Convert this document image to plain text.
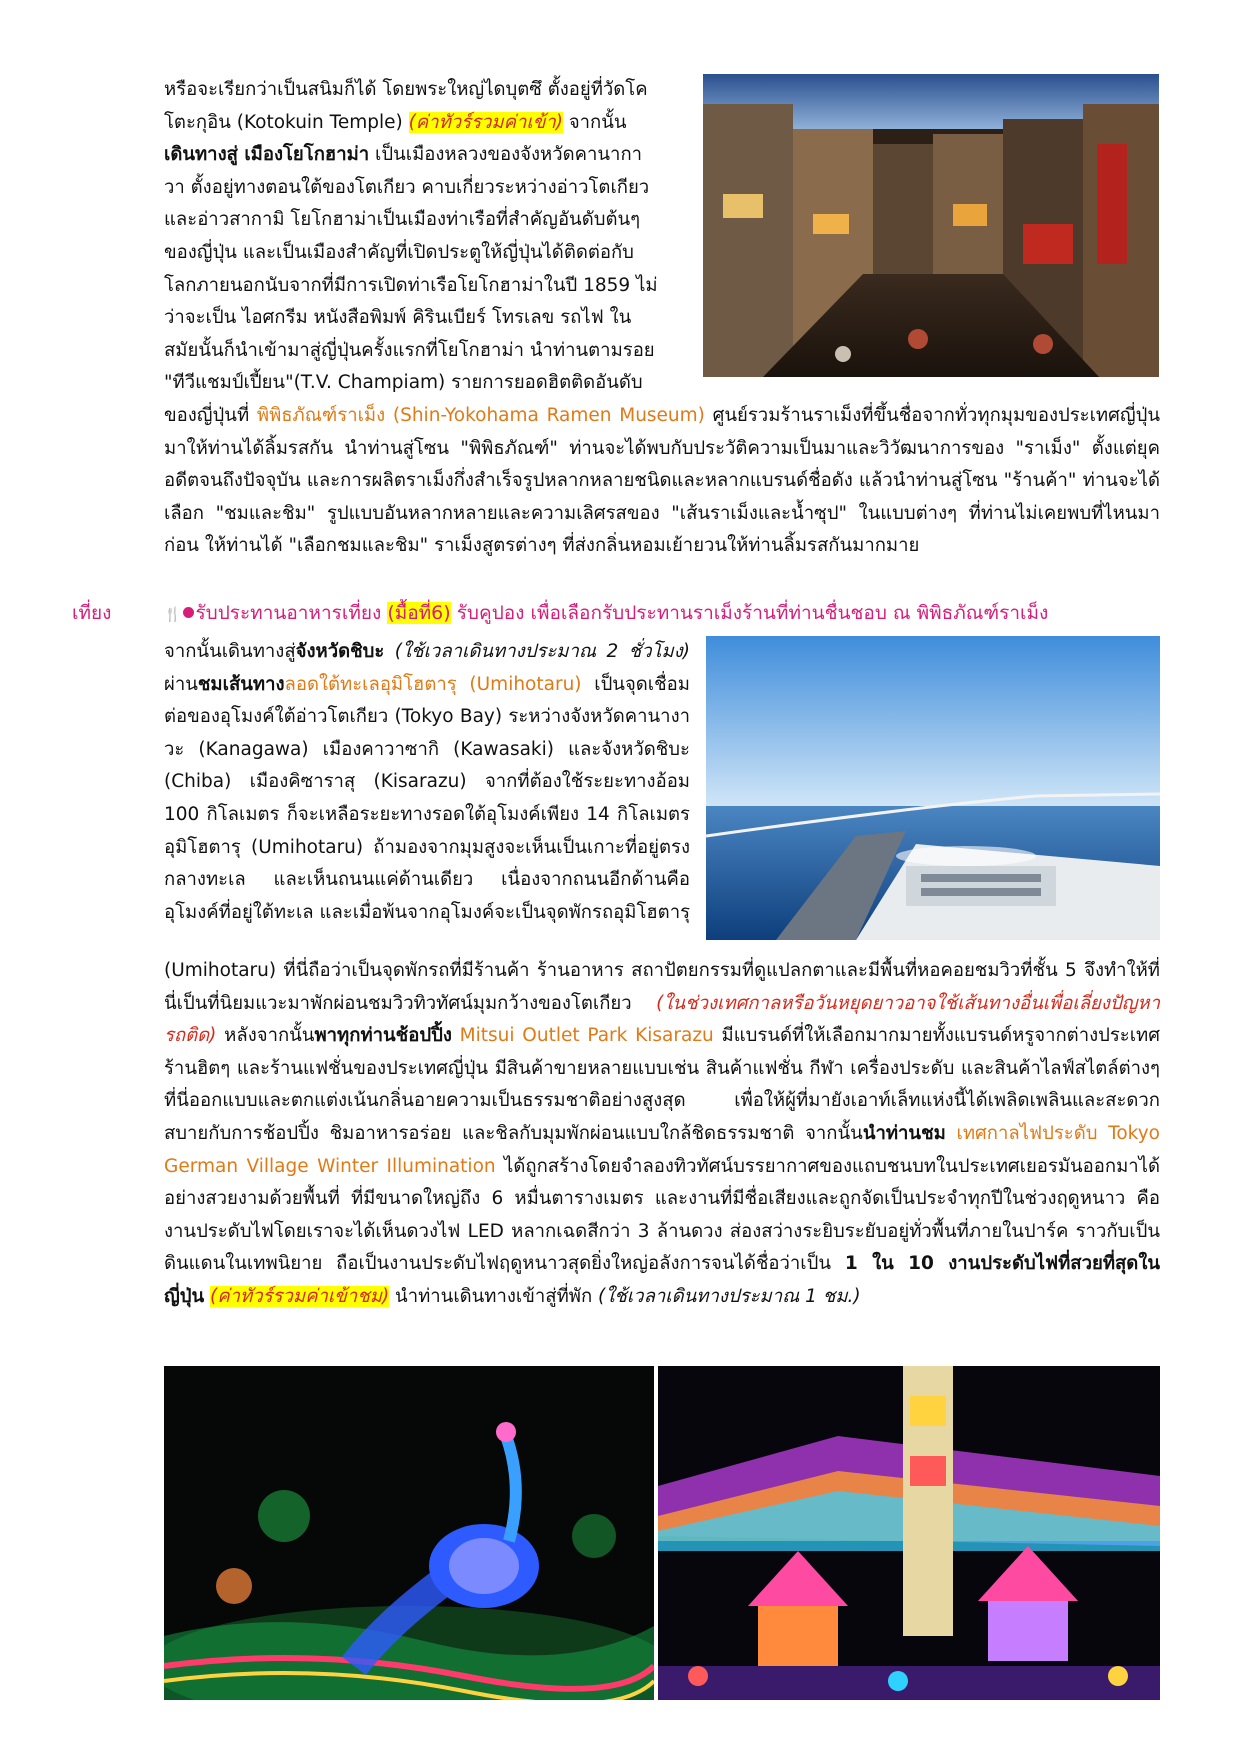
หรือจะเรียกว่าเป็นสนิมก็ได้ โดยพระใหญ่ไดบุตซึ ตั้งอยู่ที่วัดโค

โตะกุอิน (Kotokuin Temple) (ค่าทัวร์รวมค่าเข้า) จากนั้น

เดินทางสู่ เมืองโยโกฮาม่า เป็นเมืองหลวงของจังหวัดคานากา

วา ตั้งอยู่ทางตอนใต้ของโตเกียว คาบเกี่ยวระหว่างอ่าวโตเกียว

และอ่าวสากามิ โยโกฮาม่าเป็นเมืองท่าเรือที่สำคัญอันดับต้นๆ

ของญี่ปุ่น และเป็นเมืองสำคัญที่เปิดประตูให้ญี่ปุ่นได้ติดต่อกับ

โลกภายนอกนับจากที่มีการเปิดท่าเรือโยโกฮาม่าในปี 1859 ไม่

ว่าจะเป็น ไอศกรีม หนังสือพิมพ์ คิรินเบียร์ โทรเลข รถไฟ ใน

สมัยนั้นก็นำเข้ามาสู่ญี่ปุ่นครั้งแรกที่โยโกฮาม่า นำท่านตามรอย

"ทีวีแชมป์เปี้ยน"(T.V. Champiam) รายการยอดฮิตติดอันดับ

ของญี่ปุ่นที่ พิพิธภัณฑ์ราเม็ง (Shin-Yokohama Ramen Museum) ศูนย์รวมร้านราเม็งที่ขึ้นชื่อจากทั่วทุกมุมของประเทศญี่ปุ่น มาให้ท่านได้ลิ้มรสกัน นำท่านสู่โซน "พิพิธภัณฑ์" ท่านจะได้พบกับประวัติความเป็นมาและวิวัฒนาการของ "ราเม็ง" ตั้งแต่ยุคอดีตจนถึงปัจจุบัน และการผลิตราเม็งกึ่งสำเร็จรูปหลากหลายชนิดและหลากแบรนด์ชื่อดัง แล้วนำท่านสู่โซน "ร้านค้า" ท่านจะได้เลือก "ชมและชิม" รูปแบบอันหลากหลายและความเลิศรสของ "เส้นราเม็งและน้ำซุป" ในแบบต่างๆ ที่ท่านไม่เคยพบที่ไหนมาก่อน ให้ท่านได้ "เลือกชมและชิม" ราเม็งสูตรต่างๆ ที่ส่งกลิ่นหอมเย้ายวนให้ท่านลิ้มรสกันมากมาย

เที่ยง	🍴 รับประทานอาหารเที่ยง (มื้อที่6) รับคูปอง เพื่อเลือกรับประทานราเม็งร้านที่ท่านชื่นชอบ ณ พิพิธภัณฑ์ราเม็ง

จากนั้นเดินทางสู่จังหวัดชิบะ (ใช้เวลาเดินทางประมาณ 2 ชั่วโมง) ผ่านชมเส้นทางลอดใต้ทะเลอุมิโฮตารุ (Umihotaru) เป็นจุดเชื่อมต่อของอุโมงค์ใต้อ่าวโตเกียว (Tokyo Bay) ระหว่างจังหวัดคานางาวะ (Kanagawa) เมืองคาวาซากิ (Kawasaki) และจังหวัดชิบะ (Chiba) เมืองคิซาราสุ (Kisarazu) จากที่ต้องใช้ระยะทางอ้อม 100 กิโลเมตร ก็จะเหลือระยะทางรอดใต้อุโมงค์เพียง 14 กิโลเมตร อุมิโฮตารุ (Umihotaru) ถ้ามองจากมุมสูงจะเห็นเป็นเกาะที่อยู่ตรงกลางทะเล และเห็นถนนแค่ด้านเดียว เนื่องจากถนนอีกด้านคืออุโมงค์ที่อยู่ใต้ทะเล และเมื่อพ้นจากอุโมงค์จะเป็นจุดพักรถอุมิโฮตารุ

(Umihotaru) ที่นี่ถือว่าเป็นจุดพักรถที่มีร้านค้า ร้านอาหาร สถาปัตยกรรมที่ดูแปลกตาและมีพื้นที่หอคอยชมวิวที่ชั้น 5 จึงทำให้ที่นี่เป็นที่นิยมแวะมาพักผ่อนชมวิวทิวทัศน์มุมกว้างของโตเกียว (ในช่วงเทศกาลหรือวันหยุดยาวอาจใช้เส้นทางอื่นเพื่อเลี่ยงปัญหารถติด) หลังจากนั้นพาทุกท่านช้อปปิ้ง Mitsui Outlet Park Kisarazu มีแบรนด์ที่ให้เลือกมากมายทั้งแบรนด์หรูจากต่างประเทศ ร้านฮิตๆ และร้านแฟชั่นของประเทศญี่ปุ่น มีสินค้าขายหลายแบบเช่น สินค้าแฟชั่น กีฬา เครื่องประดับ และสินค้าไลฟ์สไตล์ต่างๆ ที่นี่ออกแบบและตกแต่งเน้นกลิ่นอายความเป็นธรรมชาติอย่างสูงสุด เพื่อให้ผู้ที่มายังเอาท์เล็ทแห่งนี้ได้เพลิดเพลินและสะดวกสบายกับการช้อปปิ้ง ชิมอาหารอร่อย และชิลกับมุมพักผ่อนแบบใกล้ชิดธรรมชาติ จากนั้นนำท่านชม เทศกาลไฟประดับ Tokyo German Village Winter Illumination ได้ถูกสร้างโดยจำลองทิวทัศน์บรรยากาศของแถบชนบทในประเทศเยอรมันออกมาได้อย่างสวยงามด้วยพื้นที่ ที่มีขนาดใหญ่ถึง 6 หมื่นตารางเมตร และงานที่มีชื่อเสียงและถูกจัดเป็นประจำทุกปีในช่วงฤดูหนาว คืองานประดับไฟโดยเราจะได้เห็นดวงไฟ LED หลากเฉดสีกว่า 3 ล้านดวง ส่องสว่างระยิบระยับอยู่ทั่วพื้นที่ภายในปาร์ค ราวกับเป็นดินแดนในเทพนิยาย ถือเป็นงานประดับไฟฤดูหนาวสุดยิ่งใหญ่อลังการจนได้ชื่อว่าเป็น 1 ใน 10 งานประดับไฟที่สวยที่สุดในญี่ปุ่น (ค่าทัวร์รวมค่าเข้าชม) นำท่านเดินทางเข้าสู่ที่พัก (ใช้เวลาเดินทางประมาณ 1 ชม.)
